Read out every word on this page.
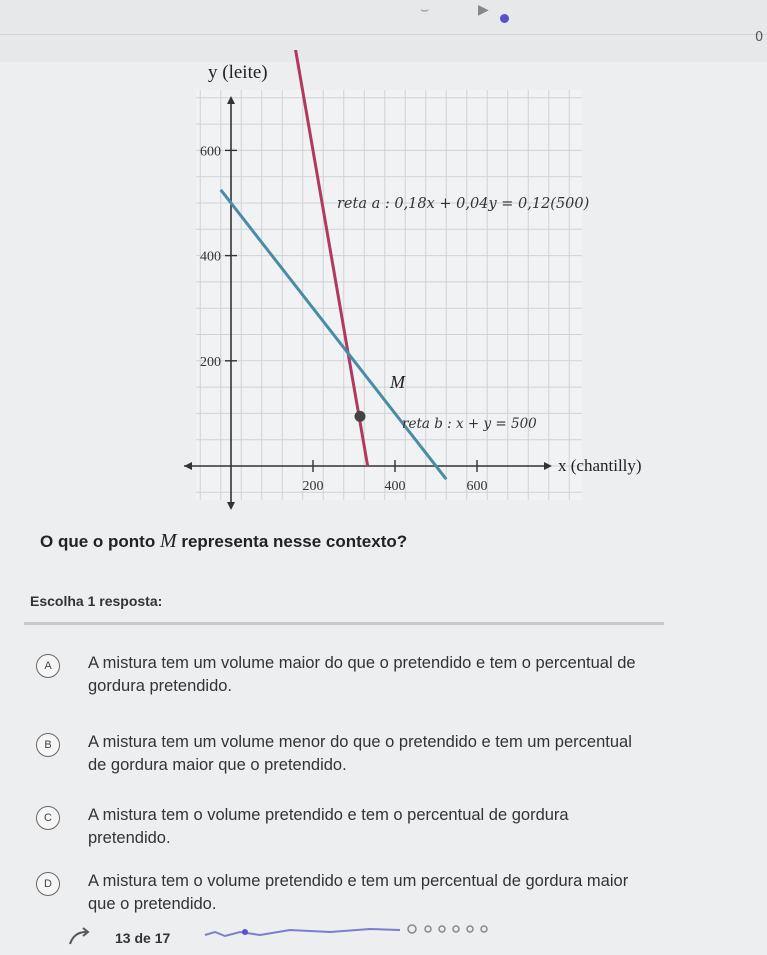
⌣	▶
0
600
400
200
200	400	600
y (leite)
x (chantilly)
reta a : 0,18x + 0,04y = 0,12(500)
reta b : x + y = 500
M
O que o ponto M representa nesse contexto?
Escolha 1 resposta:
A	A mistura tem um volume maior do que o pretendido e tem o percentual de gordura pretendido.
B	A mistura tem um volume menor do que o pretendido e tem um percentual de gordura maior que o pretendido.
C	A mistura tem o volume pretendido e tem o percentual de gordura pretendido.
D	A mistura tem o volume pretendido e tem um percentual de gordura maior que o pretendido.
13 de 17
